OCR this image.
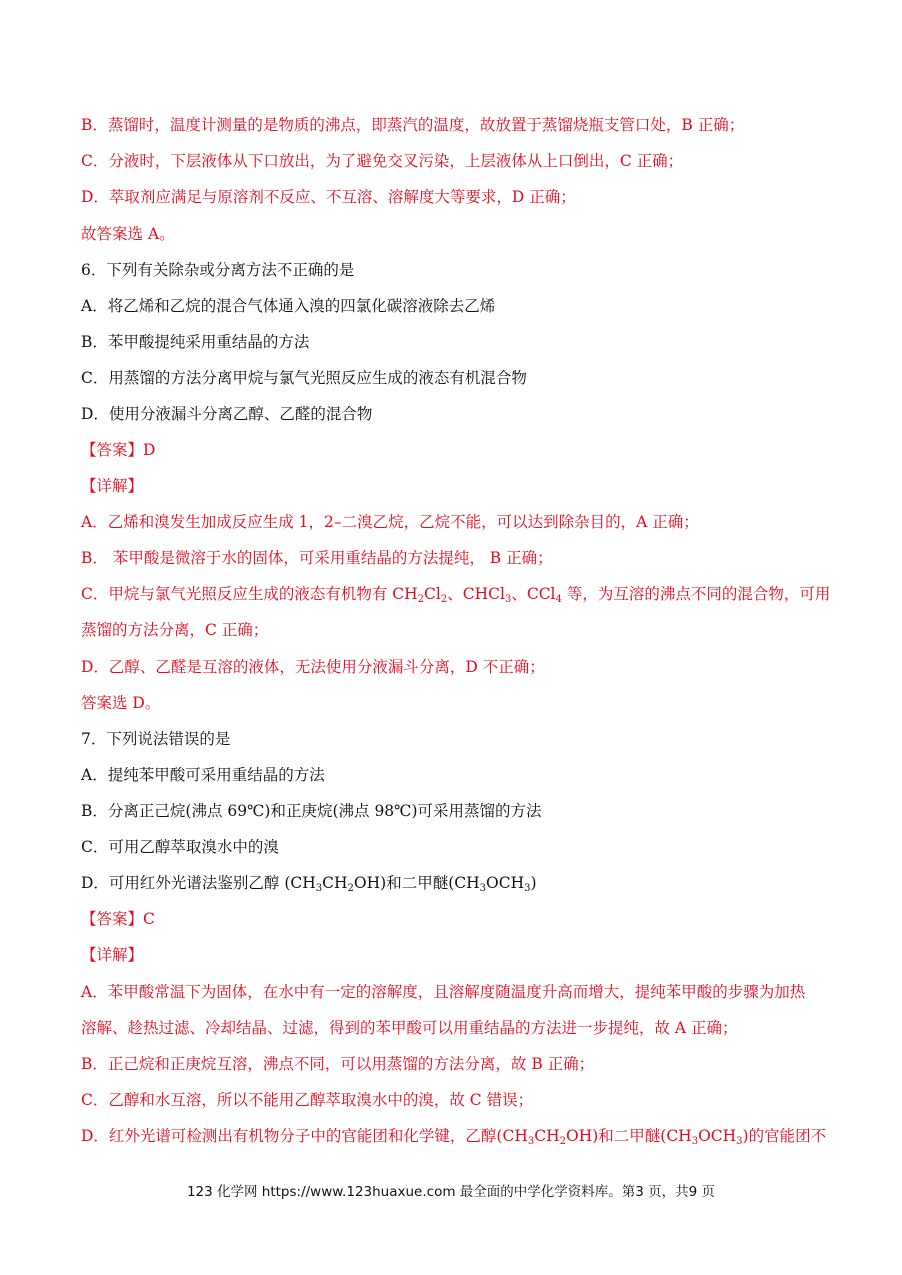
B．蒸馏时，温度计测量的是物质的沸点，即蒸汽的温度，故放置于蒸馏烧瓶支管口处，B 正确；
C．分液时，下层液体从下口放出，为了避免交叉污染，上层液体从上口倒出，C 正确；
D．萃取剂应满足与原溶剂不反应、不互溶、溶解度大等要求，D 正确；
故答案选 A。
6．下列有关除杂或分离方法不正确的是
A．将乙烯和乙烷的混合气体通入溴的四氯化碳溶液除去乙烯
B．苯甲酸提纯采用重结晶的方法
C．用蒸馏的方法分离甲烷与氯气光照反应生成的液态有机混合物
D．使用分液漏斗分离乙醇、乙醛的混合物
【答案】D
【详解】
A．乙烯和溴发生加成反应生成 1，2–二溴乙烷，乙烷不能，可以达到除杂目的，A 正确；
B． 苯甲酸是微溶于水的固体，可采用重结晶的方法提纯， B 正确；
C．甲烷与氯气光照反应生成的液态有机物有 $CH_2Cl_2$、CHCl$_3$、CCl$_4$ 等，为互溶的沸点不同的混合物，可用
蒸馏的方法分离，C 正确；
D．乙醇、乙醛是互溶的液体，无法使用分液漏斗分离，D 不正确；
答案选 D。
7．下列说法错误的是
A．提纯苯甲酸可采用重结晶的方法
B．分离正己烷(沸点 69℃)和正庚烷(沸点 98℃)可采用蒸馏的方法
C．可用乙醇萃取溴水中的溴
D．可用红外光谱法鉴别乙醇 $(CH_3CH_2OH)$和二甲醚$(CH_3OCH_3)$
【答案】C
【详解】
A．苯甲酸常温下为固体，在水中有一定的溶解度，且溶解度随温度升高而增大，提纯苯甲酸的步骤为加热
溶解、趁热过滤、冷却结晶、过滤，得到的苯甲酸可以用重结晶的方法进一步提纯，故 A 正确；
B．正己烷和正庚烷互溶，沸点不同，可以用蒸馏的方法分离，故 B 正确；
C．乙醇和水互溶，所以不能用乙醇萃取溴水中的溴，故 C 错误；
D．红外光谱可检测出有机物分子中的官能团和化学键，乙醇$(CH_3CH_2OH)$和二甲醚$(CH_3OCH_3)$的官能团不
123 化学网 https://www.123huaxue.com 最全面的中学化学资料库。第3 页，共9 页
